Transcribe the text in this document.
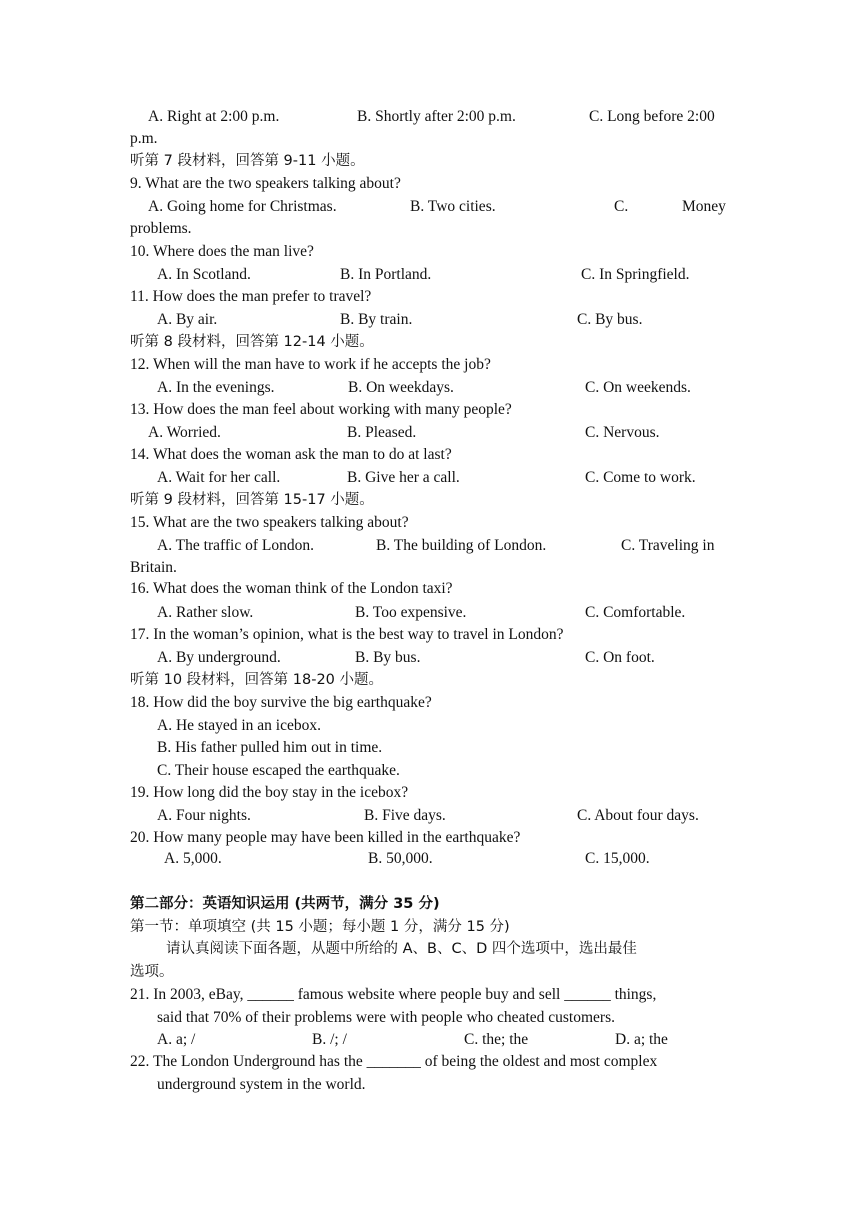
A. Right at 2:00 p.m.

	B. Shortly after 2:00 p.m.

	C. Long before 2:00

p.m.

听第 7 段材料，回答第 9-11 小题。

9. What are the two speakers talking about?

A. Going home for Christmas.

	B. Two cities.

	C.

	Money

problems.

10. Where does the man live?

A. In Scotland.

	B. In Portland.

	C. In Springfield.

11. How does the man prefer to travel?

A. By air.

	B. By train.

	C. By bus.

听第 8 段材料，回答第 12-14 小题。

12. When will the man have to work if he accepts the job?

A. In the evenings.

	B. On weekdays.

	C. On weekends.

13. How does the man feel about working with many people?

A. Worried.

	B. Pleased.

	C. Nervous.

14. What does the woman ask the man to do at last?

A. Wait for her call.

	B. Give her a call.

	C. Come to work.

听第 9 段材料，回答第 15-17 小题。

15. What are the two speakers talking about?

A. The traffic of London.

	B. The building of London.

	C. Traveling in

Britain.

16. What does the woman think of the London taxi?

A. Rather slow.

	B. Too expensive.

	C. Comfortable.

17. In the woman’s opinion, what is the best way to travel in London?

A. By underground.

	B. By bus.

	C. On foot.

听第 10 段材料，回答第 18-20 小题。

18. How did the boy survive the big earthquake?

A. He stayed in an icebox.

B. His father pulled him out in time.

C. Their house escaped the earthquake.

19. How long did the boy stay in the icebox?

A. Four nights.

	B. Five days.

	C. About four days.

20. How many people may have been killed in the earthquake?

A. 5,000.

	B. 50,000.

	C. 15,000.

第二部分：英语知识运用 (共两节，满分 35 分)

第一节：单项填空 (共 15 小题；每小题 1 分，满分 15 分)

请认真阅读下面各题，从题中所给的 A、B、C、D 四个选项中，选出最佳

选项。

21. In 2003, eBay, ______ famous website where people buy and sell ______ things,

said that 70% of their problems were with people who cheated customers.

A. a; /

	B. /; /

	C. the; the

	D. a; the

22. The London Underground has the _______ of being the oldest and most complex

underground system in the world.
